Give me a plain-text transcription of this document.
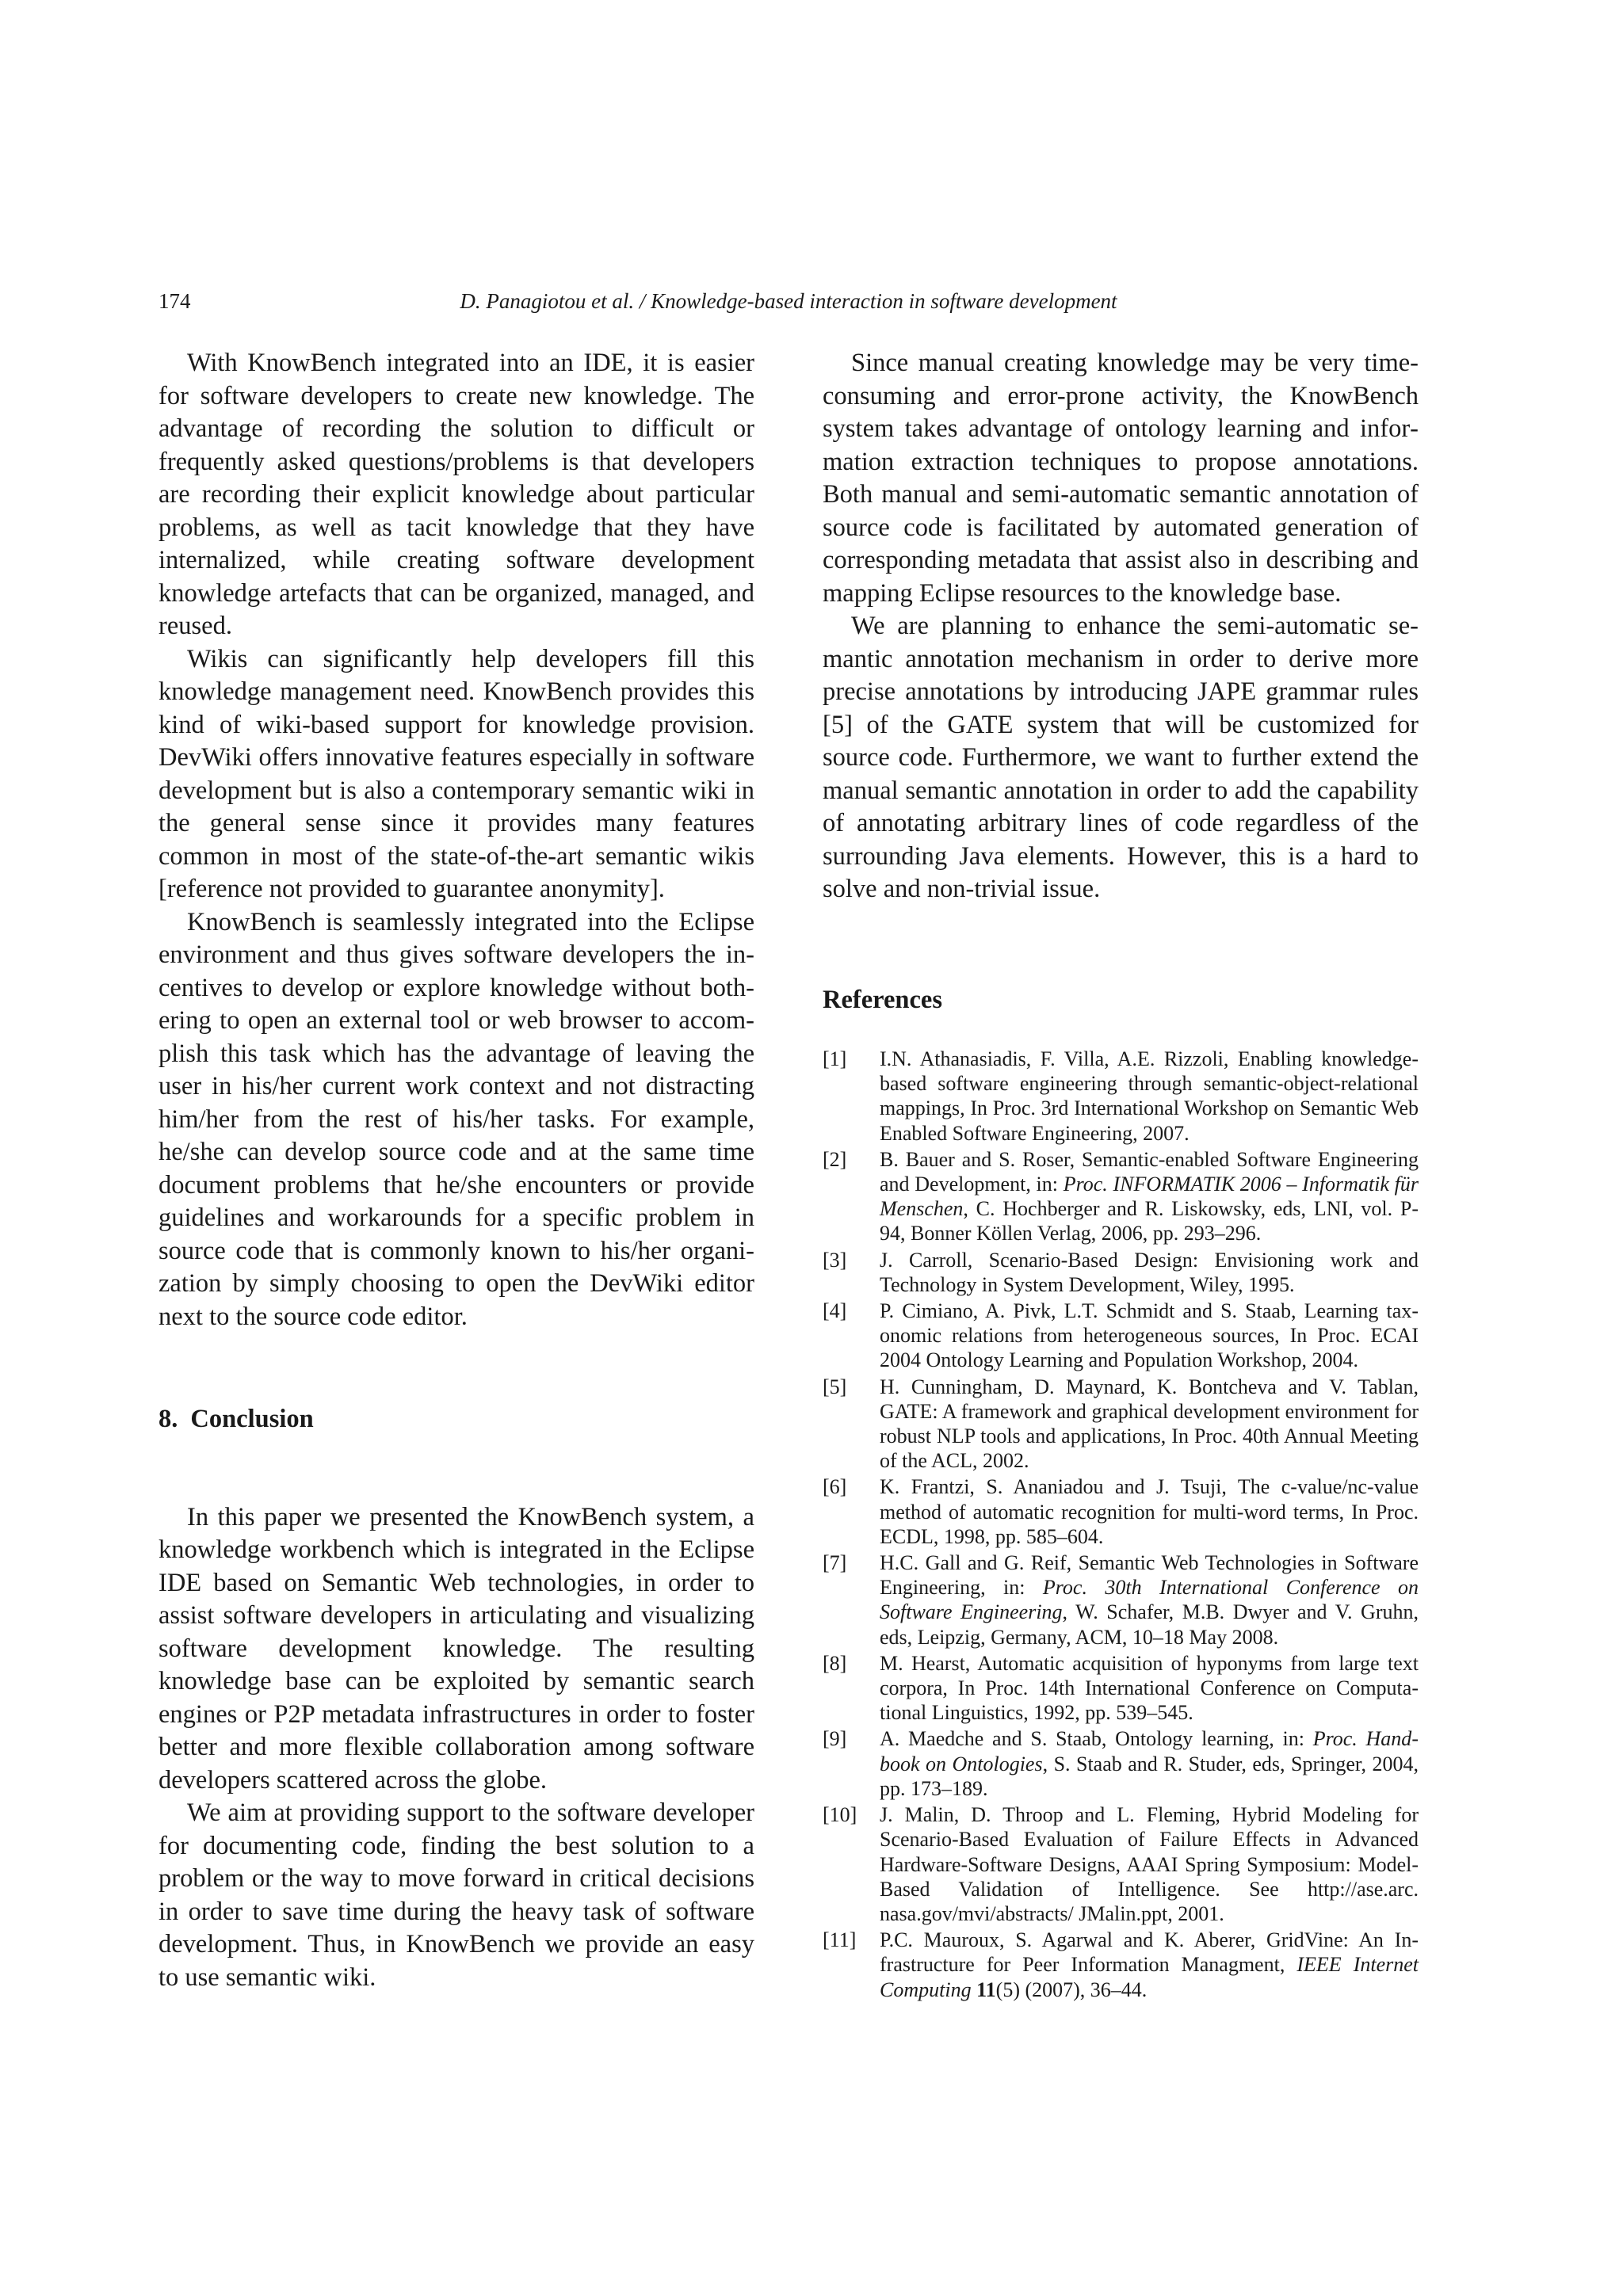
174	D. Panagiotou et al. / Knowledge-based interaction in software development

With KnowBench integrated into an IDE, it is easier for software developers to create new knowledge. The advantage of recording the solution to difficult or frequently asked questions/problems is that developers are recording their explicit knowledge about particular problems, as well as tacit knowledge that they have internalized, while creating software development knowledge artefacts that can be organized, managed, and reused.

Wikis can significantly help developers fill this knowledge management need. KnowBench provides this kind of wiki-based support for knowledge provision. DevWiki offers innovative features especially in software development but is also a contemporary semantic wiki in the general sense since it provides many features common in most of the state-of-the-art semantic wikis [reference not provided to guarantee anonymity].

KnowBench is seamlessly integrated into the Eclipse environment and thus gives software developers the incentives to develop or explore knowledge without bothering to open an external tool or web browser to accomplish this task which has the advantage of leaving the user in his/her current work context and not distracting him/her from the rest of his/her tasks. For example, he/she can develop source code and at the same time document problems that he/she encounters or provide guidelines and workarounds for a specific problem in source code that is commonly known to his/her organization by simply choosing to open the DevWiki editor next to the source code editor.

8. Conclusion

In this paper we presented the KnowBench system, a knowledge workbench which is integrated in the Eclipse IDE based on Semantic Web technologies, in order to assist software developers in articulating and visualizing software development knowledge. The resulting knowledge base can be exploited by semantic search engines or P2P metadata infrastructures in order to foster better and more flexible collaboration among software developers scattered across the globe.

We aim at providing support to the software developer for documenting code, finding the best solution to a problem or the way to move forward in critical decisions in order to save time during the heavy task of software development. Thus, in KnowBench we provide an easy to use semantic wiki.

Since manual creating knowledge may be very time-consuming and error-prone activity, the KnowBench system takes advantage of ontology learning and information extraction techniques to propose annotations. Both manual and semi-automatic semantic annotation of source code is facilitated by automated generation of corresponding metadata that assist also in describing and mapping Eclipse resources to the knowledge base.

We are planning to enhance the semi-automatic semantic annotation mechanism in order to derive more precise annotations by introducing JAPE grammar rules [5] of the GATE system that will be customized for source code. Furthermore, we want to further extend the manual semantic annotation in order to add the capability of annotating arbitrary lines of code regardless of the surrounding Java elements. However, this is a hard to solve and non-trivial issue.

References
[1]	I.N. Athanasiadis, F. Villa, A.E. Rizzoli, Enabling knowledge-based software engineering through semantic-object-relational mappings, In Proc. 3rd International Workshop on Semantic Web Enabled Software Engineering, 2007.
[2]	B. Bauer and S. Roser, Semantic-enabled Software Engineering and Development, in: Proc. INFORMATIK 2006 – Informatik für Menschen, C. Hochberger and R. Liskowsky, eds, LNI, vol. P-94, Bonner Köllen Verlag, 2006, pp. 293–296.
[3]	J. Carroll, Scenario-Based Design: Envisioning work and Technology in System Development, Wiley, 1995.
[4]	P. Cimiano, A. Pivk, L.T. Schmidt and S. Staab, Learning taxonomic relations from heterogeneous sources, In Proc. ECAI 2004 Ontology Learning and Population Workshop, 2004.
[5]	H. Cunningham, D. Maynard, K. Bontcheva and V. Tablan, GATE: A framework and graphical development environment for robust NLP tools and applications, In Proc. 40th Annual Meeting of the ACL, 2002.
[6]	K. Frantzi, S. Ananiadou and J. Tsuji, The c-value/nc-value method of automatic recognition for multi-word terms, In Proc. ECDL, 1998, pp. 585–604.
[7]	H.C. Gall and G. Reif, Semantic Web Technologies in Software Engineering, in: Proc. 30th International Conference on Software Engineering, W. Schafer, M.B. Dwyer and V. Gruhn, eds, Leipzig, Germany, ACM, 10–18 May 2008.
[8]	M. Hearst, Automatic acquisition of hyponyms from large text corpora, In Proc. 14th International Conference on Computational Linguistics, 1992, pp. 539–545.
[9]	A. Maedche and S. Staab, Ontology learning, in: Proc. Handbook on Ontologies, S. Staab and R. Studer, eds, Springer, 2004, pp. 173–189.
[10]	J. Malin, D. Throop and L. Fleming, Hybrid Modeling for Scenario-Based Evaluation of Failure Effects in Advanced Hardware-Software Designs, AAAI Spring Symposium: Model-Based Validation of Intelligence. See http://ase.arc. nasa.gov/mvi/abstracts/ JMalin.ppt, 2001.
[11]	P.C. Mauroux, S. Agarwal and K. Aberer, GridVine: An Infrastructure for Peer Information Managment, IEEE Internet Computing 11(5) (2007), 36–44.
